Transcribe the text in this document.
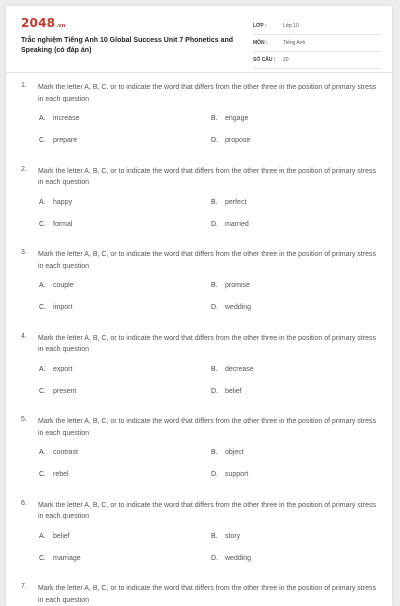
2048.vn
Trắc nghiệm Tiếng Anh 10 Global Success Unit 7 Phonetics and Speaking (có đáp án)
LỚP :	Lớp 10
MÔN :	Tiếng Anh
SỐ CÂU :	20
1. Mark the letter A, B, C, or to indicate the word that differs from the other three in the position of primary stress in each question
A. increase	B. engage
C. prepare	D. propose
2. Mark the letter A, B, C, or to indicate the word that differs from the other three in the position of primary stress in each question
A. happy	B. perfect
C. formal	D. married
3. Mark the letter A, B, C, or to indicate the word that differs from the other three in the position of primary stress in each question
A. couple	B. promise
C. import	D. wedding
4. Mark the letter A, B, C, or to indicate the word that differs from the other three in the position of primary stress in each question
A. export	B. decrease
C. present	D. belief
5. Mark the letter A, B, C, or to indicate the word that differs from the other three in the position of primary stress in each question
A. contrast	B. object
C. rebel	D. support
6. Mark the letter A, B, C, or to indicate the word that differs from the other three in the position of primary stress in each question
A. belief	B. story
C. marriage	D. wedding
7. Mark the letter A, B, C, or to indicate the word that differs from the other three in the position of primary stress in each question
